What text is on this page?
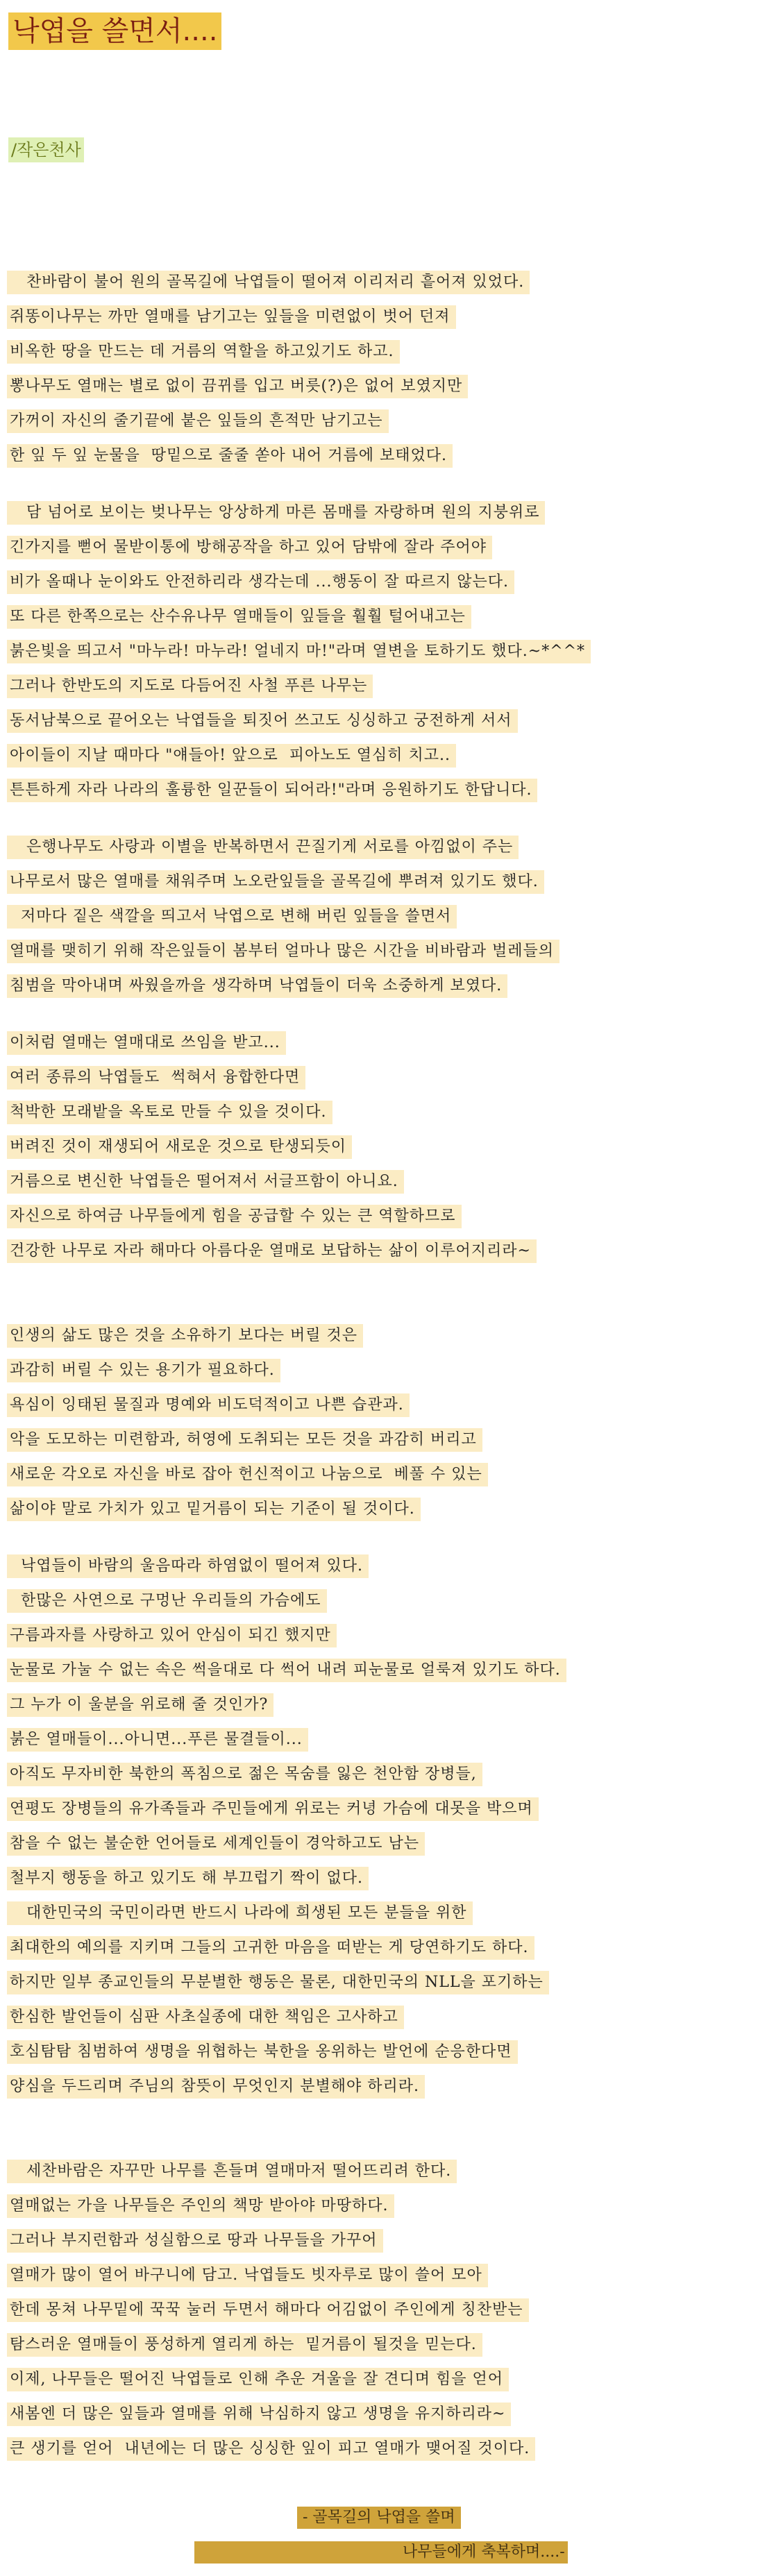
낙엽을 쓸면서....
/작은천사
찬바람이 불어 원의 골목길에 낙엽들이 떨어져 이리저리 흩어져 있었다.
쥐똥이나무는 까만 열매를 남기고는 잎들을 미련없이 벗어 던져
비옥한 땅을 만드는 데 거름의 역할을 하고있기도 하고.
뽕나무도 열매는 별로 없이 끔뀌를 입고 버릇(?)은 없어 보였지만
가꺼이 자신의 줄기끝에 붙은 잎들의 흔적만 남기고는
한 잎 두 잎 눈물을  땅밑으로 줄줄 쏟아 내어 거름에 보태었다.

담 넘어로 보이는 벚나무는 앙상하게 마른 몸매를 자랑하며 원의 지붕위로
긴가지를 뻗어 물받이통에 방해공작을 하고 있어 담밖에 잘라 주어야
비가 올때나 눈이와도 안전하리라 생각는데 ...행동이 잘 따르지 않는다.
또 다른 한쪽으로는 산수유나무 열매들이 잎들을 훨훨 털어내고는
붉은빛을 띄고서 "마누라! 마누라! 얼네지 마!"라며 열변을 토하기도 했다.~*^^*
그러나 한반도의 지도로 다듬어진 사철 푸른 나무는
동서남북으로 끝어오는 낙엽들을 퇴짓어 쓰고도 싱싱하고 궁전하게 서서
아이들이 지날 때마다 "얘들아! 앞으로  피아노도 열심히 치고..
튼튼하게 자라 나라의 훌륭한 일꾼들이 되어라!"라며 응원하기도 한답니다.

은행나무도 사랑과 이별을 반복하면서 끈질기게 서로를 아낌없이 주는
나무로서 많은 열매를 채워주며 노오란잎들을 골목길에 뿌려져 있기도 했다.
저마다 짙은 색깔을 띄고서 낙엽으로 변해 버린 잎들을 쓸면서
열매를 맺히기 위해 작은잎들이 봄부터 얼마나 많은 시간을 비바람과 벌레들의
침범을 막아내며 싸웠을까을 생각하며 낙엽들이 더욱 소중하게 보였다.

이처럼 열매는 열매대로 쓰임을 받고...
여러 종류의 낙엽들도  썩혀서 융합한다면
척박한 모래밭을 옥토로 만들 수 있을 것이다.
버려진 것이 재생되어 새로운 것으로 탄생되듯이
거름으로 변신한 낙엽들은 떨어져서 서글프함이 아니요.
자신으로 하여금 나무들에게 힘을 공급할 수 있는 큰 역할하므로
건강한 나무로 자라 해마다 아름다운 열매로 보답하는 삶이 이루어지리라~

인생의 삶도 많은 것을 소유하기 보다는 버릴 것은
과감히 버릴 수 있는 용기가 필요하다.
욕심이 잉태된 물질과 명예와 비도덕적이고 나쁜 습관과.
악을 도모하는 미련함과, 허영에 도취되는 모든 것을 과감히 버리고
새로운 각오로 자신을 바로 잡아 헌신적이고 나눔으로  베풀 수 있는
삶이야 말로 가치가 있고 밑거름이 되는 기준이 될 것이다.

낙엽들이 바람의 울음따라 하염없이 떨어져 있다.
한많은 사연으로 구멍난 우리들의 가슴에도
구름과자를 사랑하고 있어 안심이 되긴 했지만
눈물로 가눌 수 없는 속은 썩을대로 다 썩어 내려 피눈물로 얼룩져 있기도 하다.
그 누가 이 울분을 위로해 줄 것인가?
붉은 열매들이...아니면...푸른 물결들이...
아직도 무자비한 북한의 폭침으로 젊은 목숨를 잃은 천안함 장병들,
연평도 장병들의 유가족들과 주민들에게 위로는 커녕 가슴에 대못을 박으며
참을 수 없는 불순한 언어들로 세계인들이 경악하고도 남는
철부지 행동을 하고 있기도 해 부끄럽기 짝이 없다.
대한민국의 국민이라면 반드시 나라에 희생된 모든 분들을 위한
최대한의 예의를 지키며 그들의 고귀한 마음을 떠받는 게 당연하기도 하다.
하지만 일부 종교인들의 무분별한 행동은 물론, 대한민국의 NLL을 포기하는
한심한 발언들이 심판 사초실종에 대한 책임은 고사하고
호심탐탐 침범하여 생명을 위협하는 북한을 옹위하는 발언에 순응한다면
양심을 두드리며 주님의 참뜻이 무엇인지 분별해야 하리라.

세찬바람은 자꾸만 나무를 흔들며 열매마저 떨어뜨리려 한다.
열매없는 가을 나무들은 주인의 책망 받아야 마땅하다.
그러나 부지런함과 성실함으로 땅과 나무들을 가꾸어
열매가 많이 열어 바구니에 담고. 낙엽들도 빗자루로 많이 쓸어 모아
한데 몽쳐 나무밑에 꾹꾹 눌러 두면서 해마다 어김없이 주인에게 칭찬받는
탐스러운 열매들이 풍성하게 열리게 하는  밑거름이 될것을 믿는다.
이제, 나무들은 떨어진 낙엽들로 인해 추운 겨울을 잘 견디며 힘을 얻어
새봄엔 더 많은 잎들과 열매를 위해 낙심하지 않고 생명을 유지하리라~
큰 생기를 얻어  내년에는 더 많은 싱싱한 잎이 피고 열매가 맺어질 것이다.

- 골목길의 낙엽을 쓸며
나무들에게 축복하며....-
